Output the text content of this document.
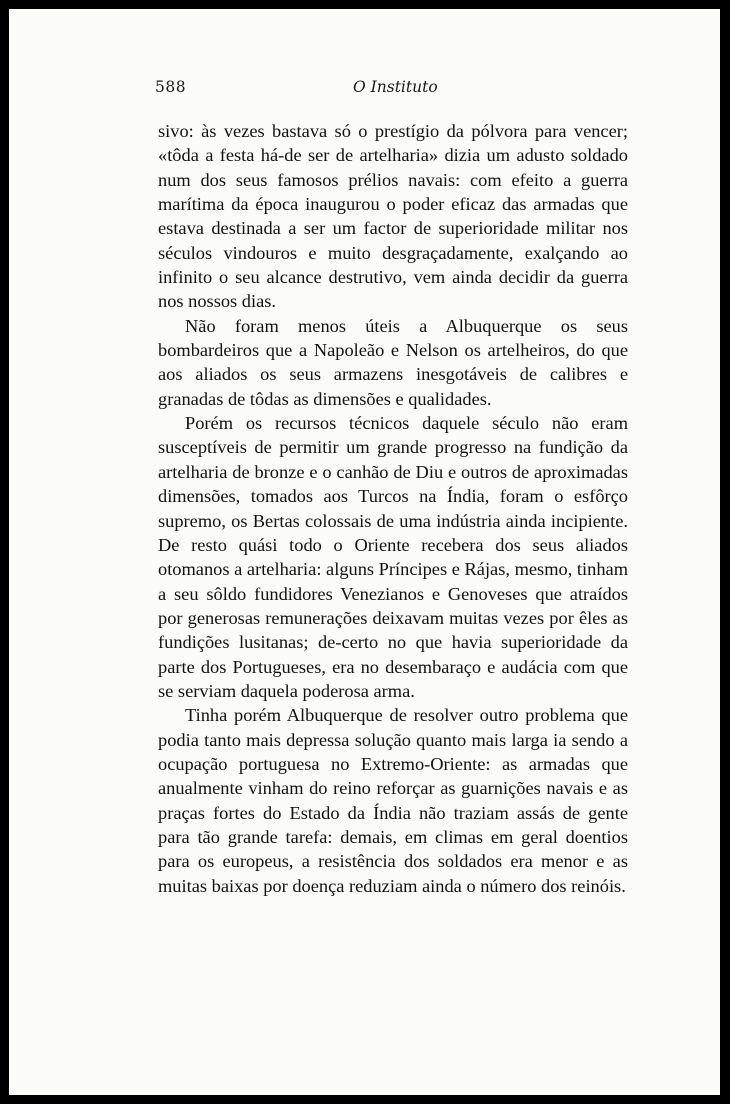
588	O Instituto

sivo: às vezes bastava só o prestígio da pólvora para vencer; «tôda a festa há-de ser de artelharia» dizia um adusto soldado num dos seus famosos prélios navais: com efeito a guerra marítima da época inaugurou o poder eficaz das armadas que estava destinada a ser um factor de superioridade militar nos séculos vindouros e muito desgraçadamente, exalçando ao infinito o seu alcance destrutivo, vem ainda decidir da guerra nos nossos dias.

Não foram menos úteis a Albuquerque os seus bombardeiros que a Napoleão e Nelson os artelheiros, do que aos aliados os seus armazens inesgotáveis de calibres e granadas de tôdas as dimensões e qualidades.

Porém os recursos técnicos daquele século não eram susceptíveis de permitir um grande progresso na fundição da artelharia de bronze e o canhão de Diu e outros de aproximadas dimensões, tomados aos Turcos na Índia, foram o esfôrço supremo, os Bertas colossais de uma indústria ainda incipiente. De resto quási todo o Oriente recebera dos seus aliados otomanos a artelharia: alguns Príncipes e Rájas, mesmo, tinham a seu sôldo fundidores Venezianos e Genoveses que atraídos por generosas remunerações deixavam muitas vezes por êles as fundições lusitanas; de-certo no que havia superioridade da parte dos Portugueses, era no desembaraço e audácia com que se serviam daquela poderosa arma.

Tinha porém Albuquerque de resolver outro problema que podia tanto mais depressa solução quanto mais larga ia sendo a ocupação portuguesa no Extremo-Oriente: as armadas que anualmente vinham do reino reforçar as guarnições navais e as praças fortes do Estado da Índia não traziam assás de gente para tão grande tarefa: demais, em climas em geral doentios para os europeus, a resistência dos soldados era menor e as muitas baixas por doença reduziam ainda o número dos reinóis.
